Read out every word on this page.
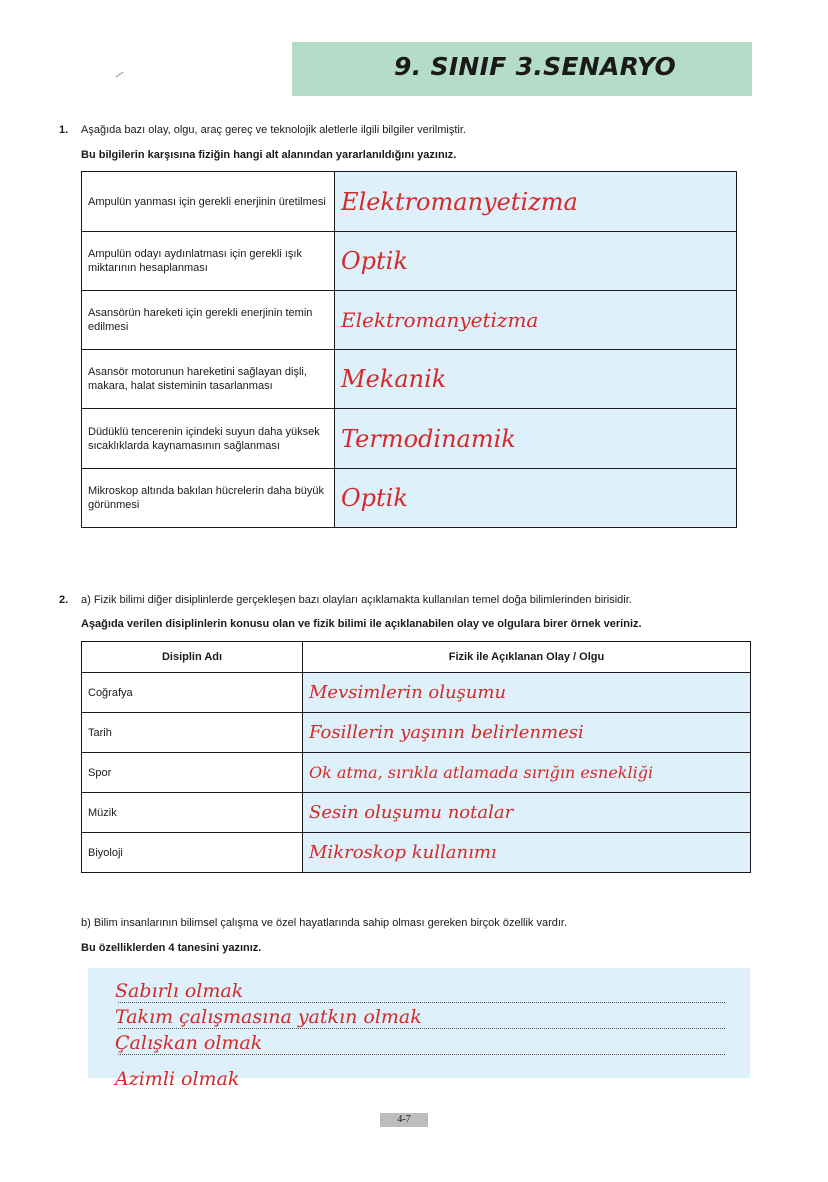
9. SINIF 3.SENARYO
1. Aşağıda bazı olay, olgu, araç gereç ve teknolojik aletlerle ilgili bilgiler verilmiştir.
Bu bilgilerin karşısına fiziğin hangi alt alanından yararlanıldığını yazınız.
Ampulün yanması için gerekli enerjinin üretilmesi	Elektromanyetizma
Ampulün odayı aydınlatması için gerekli ışık miktarının hesaplanması	Optik
Asansörün hareketi için gerekli enerjinin temin edilmesi	Elektromanyetizma
Asansör motorunun hareketini sağlayan dişli, makara, halat sisteminin tasarlanması	Mekanik
Düdüklü tencerenin içindeki suyun daha yüksek sıcaklıklarda kaynamasının sağlanması	Termodinamik
Mikroskop altında bakılan hücrelerin daha büyük görünmesi	Optik
2. a) Fizik bilimi diğer disiplinlerde gerçekleşen bazı olayları açıklamakta kullanılan temel doğa bilimlerinden birisidir.
Aşağıda verilen disiplinlerin konusu olan ve fizik bilimi ile açıklanabilen olay ve olgulara birer örnek veriniz.
Disiplin Adı	Fizik ile Açıklanan Olay / Olgu
Coğrafya	Mevsimlerin oluşumu
Tarih	Fosillerin yaşının belirlenmesi
Spor	Ok atma, sırıkla atlamada sırığın esnekliği
Müzik	Sesin oluşumu notalar
Biyoloji	Mikroskop kullanımı
b) Bilim insanlarının bilimsel çalışma ve özel hayatlarında sahip olması gereken birçok özellik vardır.
Bu özelliklerden 4 tanesini yazınız.
Sabırlı olmak
Takım çalışmasına yatkın olmak
Çalışkan olmak
Azimli olmak
4-7
